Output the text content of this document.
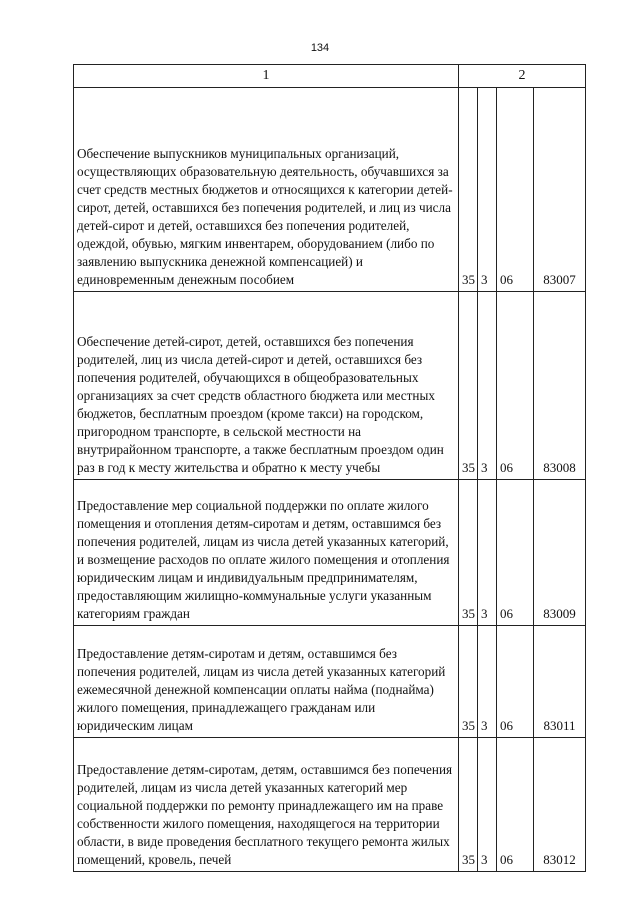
134
1	2			
Обеспечение выпускников муниципальных организаций, осуществляющих образовательную деятельность, обучавшихся за счет средств местных бюджетов и относящихся к категории детей-сирот, детей, оставшихся без попечения родителей, и лиц из числа детей-сирот и детей, оставшихся без попечения родителей, одеждой, обувью, мягким инвентарем, оборудованием (либо по заявлению выпускника денежной компенсацией) и единовременным денежным пособием	35	3	06	83007
Обеспечение детей-сирот, детей, оставшихся без попечения родителей, лиц из числа детей-сирот и детей, оставшихся без попечения родителей, обучающихся в общеобразовательных организациях за счет средств областного бюджета или местных бюджетов, бесплатным проездом (кроме такси) на городском, пригородном транспорте, в сельской местности на внутрирайонном транспорте, а также бесплатным проездом один раз в год к месту жительства и обратно к месту учебы	35	3	06	83008
Предоставление мер социальной поддержки по оплате жилого помещения и отопления детям-сиротам и детям, оставшимся без попечения родителей, лицам из числа детей указанных категорий, и возмещение расходов по оплате жилого помещения и отопления юридическим лицам и индивидуальным предпринимателям, предоставляющим жилищно-коммунальные услуги указанным категориям граждан	35	3	06	83009
Предоставление детям-сиротам и детям, оставшимся без попечения родителей, лицам из числа детей указанных категорий ежемесячной денежной компенсации оплаты найма (поднайма) жилого помещения, принадлежащего гражданам или юридическим лицам	35	3	06	83011
Предоставление детям-сиротам, детям, оставшимся без попечения родителей, лицам из числа детей указанных категорий мер социальной поддержки по ремонту принадлежащего им на праве собственности жилого помещения, находящегося на территории области, в виде проведения бесплатного текущего ремонта жилых помещений, кровель, печей	35	3	06	83012
